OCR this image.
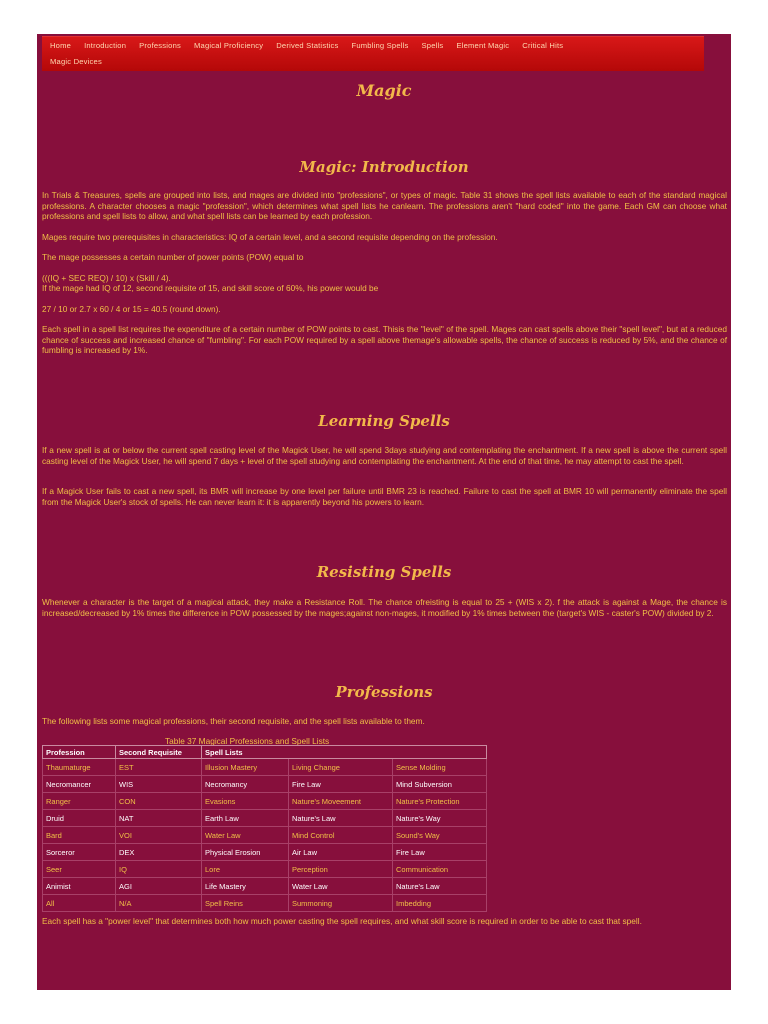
Home Introduction Professions Magical Proficiency Derived Statistics Fumbling Spells Spells Element Magic Critical Hits
Magic Devices
Magic
Magic: Introduction
In Trials & Treasures, spells are grouped into lists, and mages are divided into "professions", or types of magic. Table 31 shows the spell lists available to each of the standard magical professions. A character chooses a magic "profession", which determines what spell lists he canlearn. The professions aren't "hard coded" into the game. Each GM can choose what professions and spell lists to allow, and what spell lists can be learned by each profession.
Mages require two prerequisites in characteristics: IQ of a certain level, and a second requisite depending on the profession.
The mage possesses a certain number of power points (POW) equal to
(((IQ + SEC REQ) / 10) x (Skill / 4).
If the mage had IQ of 12, second requisite of 15, and skill score of 60%, his power would be
27 / 10 or 2.7 x 60 / 4 or 15 = 40.5 (round down).
Each spell in a spell list requires the expenditure of a certain number of POW points to cast. Thisis the "level" of the spell. Mages can cast spells above their "spell level", but at a reduced chance of success and increased chance of "fumbling". For each POW required by a spell above themage's allowable spells, the chance of success is reduced by 5%, and the chance of fumbling is increased by 1%.
Learning Spells
If a new spell is at or below the current spell casting level of the Magick User, he will spend 3days studying and contemplating the enchantment. If a new spell is above the current spell casting level of the Magick User, he will spend 7 days + level of the spell studying and contemplating the enchantment. At the end of that time, he may attempt to cast the spell.
If a Magick User fails to cast a new spell, its BMR will increase by one level per failure until BMR 23 is reached. Failure to cast the spell at BMR 10 will permanently eliminate the spell from the Magick User's stock of spells. He can never learn it: it is apparently beyond his powers to learn.
Resisting Spells
Whenever a character is the target of a magical attack, they make a Resistance Roll. The chance ofreisting is equal to 25 + (WIS x 2). f the attack is against a Mage, the chance is increased/decreased by 1% times the difference in POW possessed by the mages;against non-mages, it modified by 1% times between the (target's WIS - caster's POW) divided by 2.
Professions
The following lists some magical professions, their second requisite, and the spell lists available to them.
Table 37 Magical Professions and Spell Lists
Profession	Second Requisite	Spell Lists		
Thaumaturge	EST	Illusion Mastery	Living Change	Sense Molding
Necromancer	WIS	Necromancy	Fire Law	Mind Subversion
Ranger	CON	Evasions	Nature's Moveement	Nature's Protection
Druid	NAT	Earth Law	Nature's Law	Nature's Way
Bard	VOI	Water Law	Mind Control	Sound's Way
Sorceror	DEX	Physical Erosion	Air Law	Fire Law
Seer	IQ	Lore	Perception	Communication
Animist	AGI	Life Mastery	Water Law	Nature's Law
All	N/A	Spell Reins	Summoning	Imbedding
Each spell has a "power level" that determines both how much power casting the spell requires, and what skill score is required in order to be able to cast that spell.
